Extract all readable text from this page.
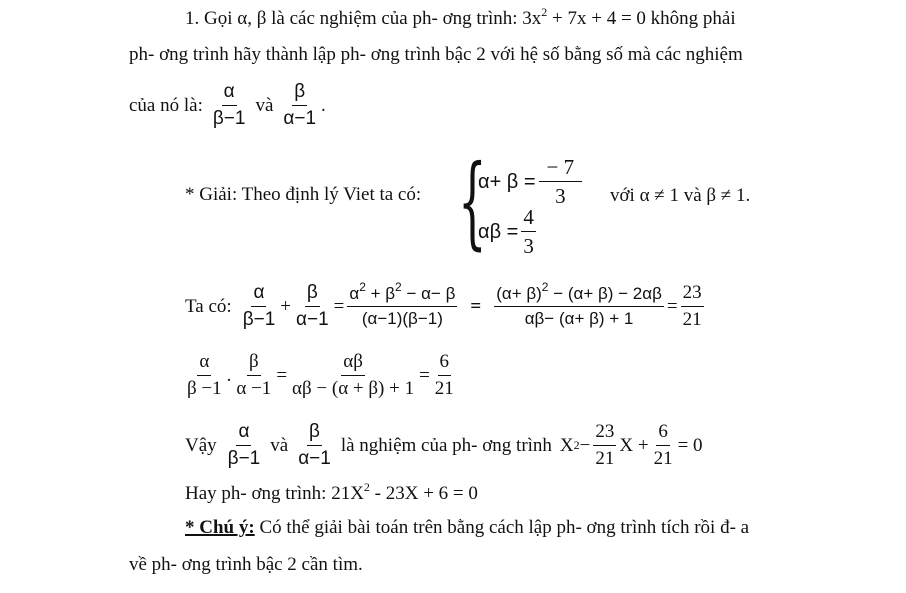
1. Gọi α, β là các nghiệm của ph- ơng trình: $3x^2 + 7x + 4 = 0$ không phải
ph- ơng trình hãy thành lập ph- ơng trình bậc 2 với hệ số bằng số mà các nghiệm
của nó là: $\frac{\alpha}{\beta-1}$ và $\frac{\beta}{\alpha-1}$ .
* Giải: Theo định lý Viet ta có: {
$\alpha+ \beta = \frac{- 7}{3}$ với α ≠ 1 và β ≠ 1.
$\alpha\beta = \frac{4}{3}$
Ta có: $\frac{\alpha}{\beta-1} + \frac{\beta}{\alpha-1} = \frac{\alpha^2 + \beta^2 - \alpha- \beta}{(\alpha-1)(\beta-1)} = \frac{(\alpha+ \beta)^2 - (\alpha+ \beta) - 2\alpha\beta}{\alpha\beta- (\alpha+ \beta) + 1} = \frac{23}{21}$
$\frac{\alpha}{\beta -1}$ . $\frac{\beta}{\alpha -1} = \frac{\alpha\beta}{\alpha\beta - (\alpha + \beta) + 1} = \frac{6}{21}$
Vậy $\frac{\alpha}{\beta-1}$ và $\frac{\beta}{\alpha-1}$ là nghiệm của ph- ơng trình X $2 - \frac{23}{21}$ $X + \frac{6}{21} = 0$
Hay ph- ơng trình: $21X^2 - 23X + 6 = 0$
* Chú ý: Có thể giải bài toán trên bằng cách lập ph- ơng trình tích rồi đ- a
về ph- ơng trình bậc 2 cần tìm.
